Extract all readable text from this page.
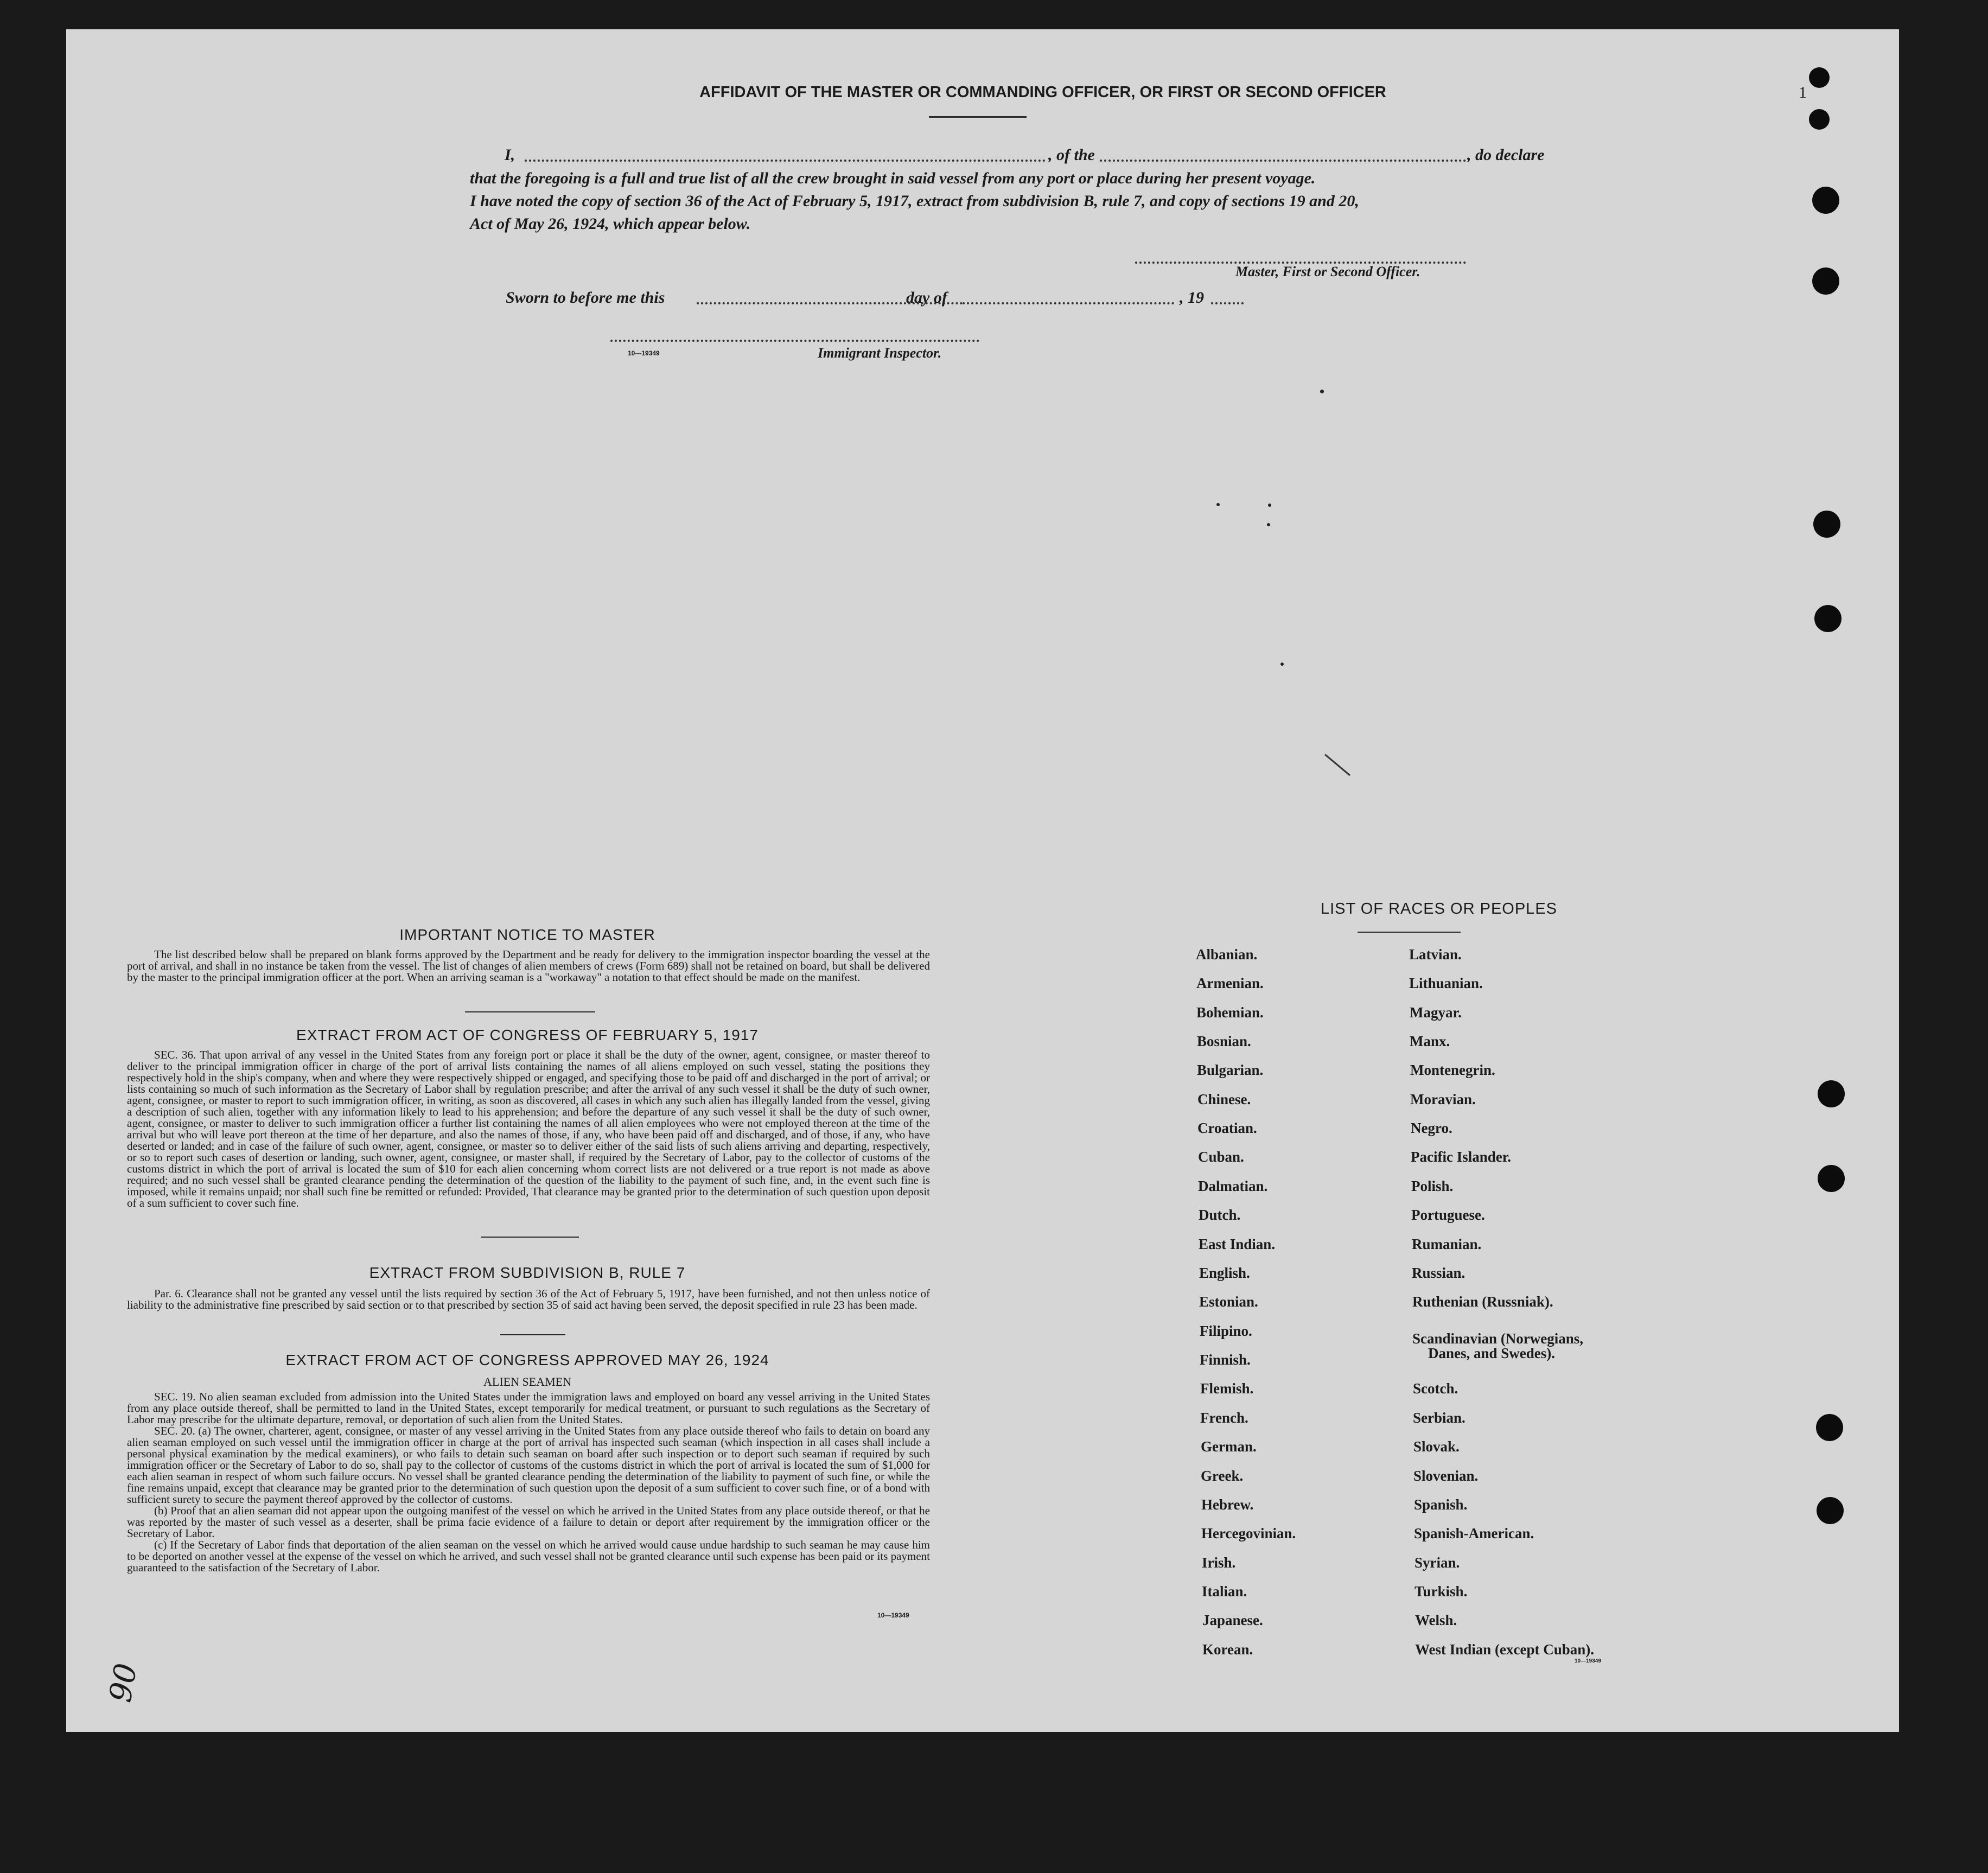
AFFIDAVIT OF THE MASTER OR COMMANDING OFFICER, OR FIRST OR SECOND OFFICER
I,	, of the	, do declare
that the foregoing is a full and true list of all the crew brought in said vessel from any port or place during her present voyage.
I have noted the copy of section 36 of the Act of February 5, 1917, extract from subdivision B, rule 7, and copy of sections 19 and 20,
Act of May 26, 1924, which appear below.
Master, First or Second Officer.
Sworn to before me this	day of	, 19
10—19349	Immigrant Inspector.
IMPORTANT NOTICE TO MASTER
The list described below shall be prepared on blank forms approved by the Department and be ready for delivery to the immigration inspector boarding the vessel at the port of arrival, and shall in no instance be taken from the vessel. The list of changes of alien members of crews (Form 689) shall not be retained on board, but shall be delivered by the master to the principal immigration officer at the port. When an arriving seaman is a "workaway" a notation to that effect should be made on the manifest.
EXTRACT FROM ACT OF CONGRESS OF FEBRUARY 5, 1917
SEC. 36. That upon arrival of any vessel in the United States from any foreign port or place it shall be the duty of the owner, agent, consignee, or master thereof to deliver to the principal immigration officer in charge of the port of arrival lists containing the names of all aliens employed on such vessel, stating the positions they respectively hold in the ship's company, when and where they were respectively shipped or engaged, and specifying those to be paid off and discharged in the port of arrival; or lists containing so much of such information as the Secretary of Labor shall by regulation prescribe; and after the arrival of any such vessel it shall be the duty of such owner, agent, consignee, or master to report to such immigration officer, in writing, as soon as discovered, all cases in which any such alien has illegally landed from the vessel, giving a description of such alien, together with any information likely to lead to his apprehension; and before the departure of any such vessel it shall be the duty of such owner, agent, consignee, or master to deliver to such immigration officer a further list containing the names of all alien employees who were not employed thereon at the time of the arrival but who will leave port thereon at the time of her departure, and also the names of those, if any, who have been paid off and discharged, and of those, if any, who have deserted or landed; and in case of the failure of such owner, agent, consignee, or master so to deliver either of the said lists of such aliens arriving and departing, respectively, or so to report such cases of desertion or landing, such owner, agent, consignee, or master shall, if required by the Secretary of Labor, pay to the collector of customs of the customs district in which the port of arrival is located the sum of $10 for each alien concerning whom correct lists are not delivered or a true report is not made as above required; and no such vessel shall be granted clearance pending the determination of the question of the liability to the payment of such fine, and, in the event such fine is imposed, while it remains unpaid; nor shall such fine be remitted or refunded: Provided, That clearance may be granted prior to the determination of such question upon deposit of a sum sufficient to cover such fine.
EXTRACT FROM SUBDIVISION B, RULE 7
Par. 6. Clearance shall not be granted any vessel until the lists required by section 36 of the Act of February 5, 1917, have been furnished, and not then unless notice of liability to the administrative fine prescribed by said section or to that prescribed by section 35 of said act having been served, the deposit specified in rule 23 has been made.
EXTRACT FROM ACT OF CONGRESS APPROVED MAY 26, 1924
ALIEN SEAMEN

SEC. 19. No alien seaman excluded from admission into the United States under the immigration laws and employed on board any vessel arriving in the United States from any place outside thereof, shall be permitted to land in the United States, except temporarily for medical treatment, or pursuant to such regulations as the Secretary of Labor may prescribe for the ultimate departure, removal, or deportation of such alien from the United States.

SEC. 20. (a) The owner, charterer, agent, consignee, or master of any vessel arriving in the United States from any place outside thereof who fails to detain on board any alien seaman employed on such vessel until the immigration officer in charge at the port of arrival has inspected such seaman (which inspection in all cases shall include a personal physical examination by the medical examiners), or who fails to detain such seaman on board after such inspection or to deport such seaman if required by such immigration officer or the Secretary of Labor to do so, shall pay to the collector of customs of the customs district in which the port of arrival is located the sum of $1,000 for each alien seaman in respect of whom such failure occurs. No vessel shall be granted clearance pending the determination of the liability to payment of such fine, or while the fine remains unpaid, except that clearance may be granted prior to the determination of such question upon the deposit of a sum sufficient to cover such fine, or of a bond with sufficient surety to secure the payment thereof approved by the collector of customs.

(b) Proof that an alien seaman did not appear upon the outgoing manifest of the vessel on which he arrived in the United States from any place outside thereof, or that he was reported by the master of such vessel as a deserter, shall be prima facie evidence of a failure to detain or deport after requirement by the immigration officer or the Secretary of Labor.

(c) If the Secretary of Labor finds that deportation of the alien seaman on the vessel on which he arrived would cause undue hardship to such seaman he may cause him to be deported on another vessel at the expense of the vessel on which he arrived, and such vessel shall not be granted clearance until such expense has been paid or its payment guaranteed to the satisfaction of the Secretary of Labor.

10—19349
LIST OF RACES OR PEOPLES
Albanian.
Armenian.
Bohemian.
Bosnian.
Bulgarian.
Chinese.
Croatian.
Cuban.
Dalmatian.
Dutch.
East Indian.
English.
Estonian.
Filipino.
Finnish.
Flemish.
French.
German.
Greek.
Hebrew.
Hercegovinian.
Irish.
Italian.
Japanese.
Korean.
Latvian.
Lithuanian.
Magyar.
Manx.
Montenegrin.
Moravian.
Negro.
Pacific Islander.
Polish.
Portuguese.
Rumanian.
Russian.
Ruthenian (Russniak).
Scandinavian (Norwegians,
Danes, and Swedes).
Scotch.
Serbian.
Slovak.
Slovenian.
Spanish.
Spanish-American.
Syrian.
Turkish.
Welsh.
West Indian (except Cuban).
10—19349
1
90
